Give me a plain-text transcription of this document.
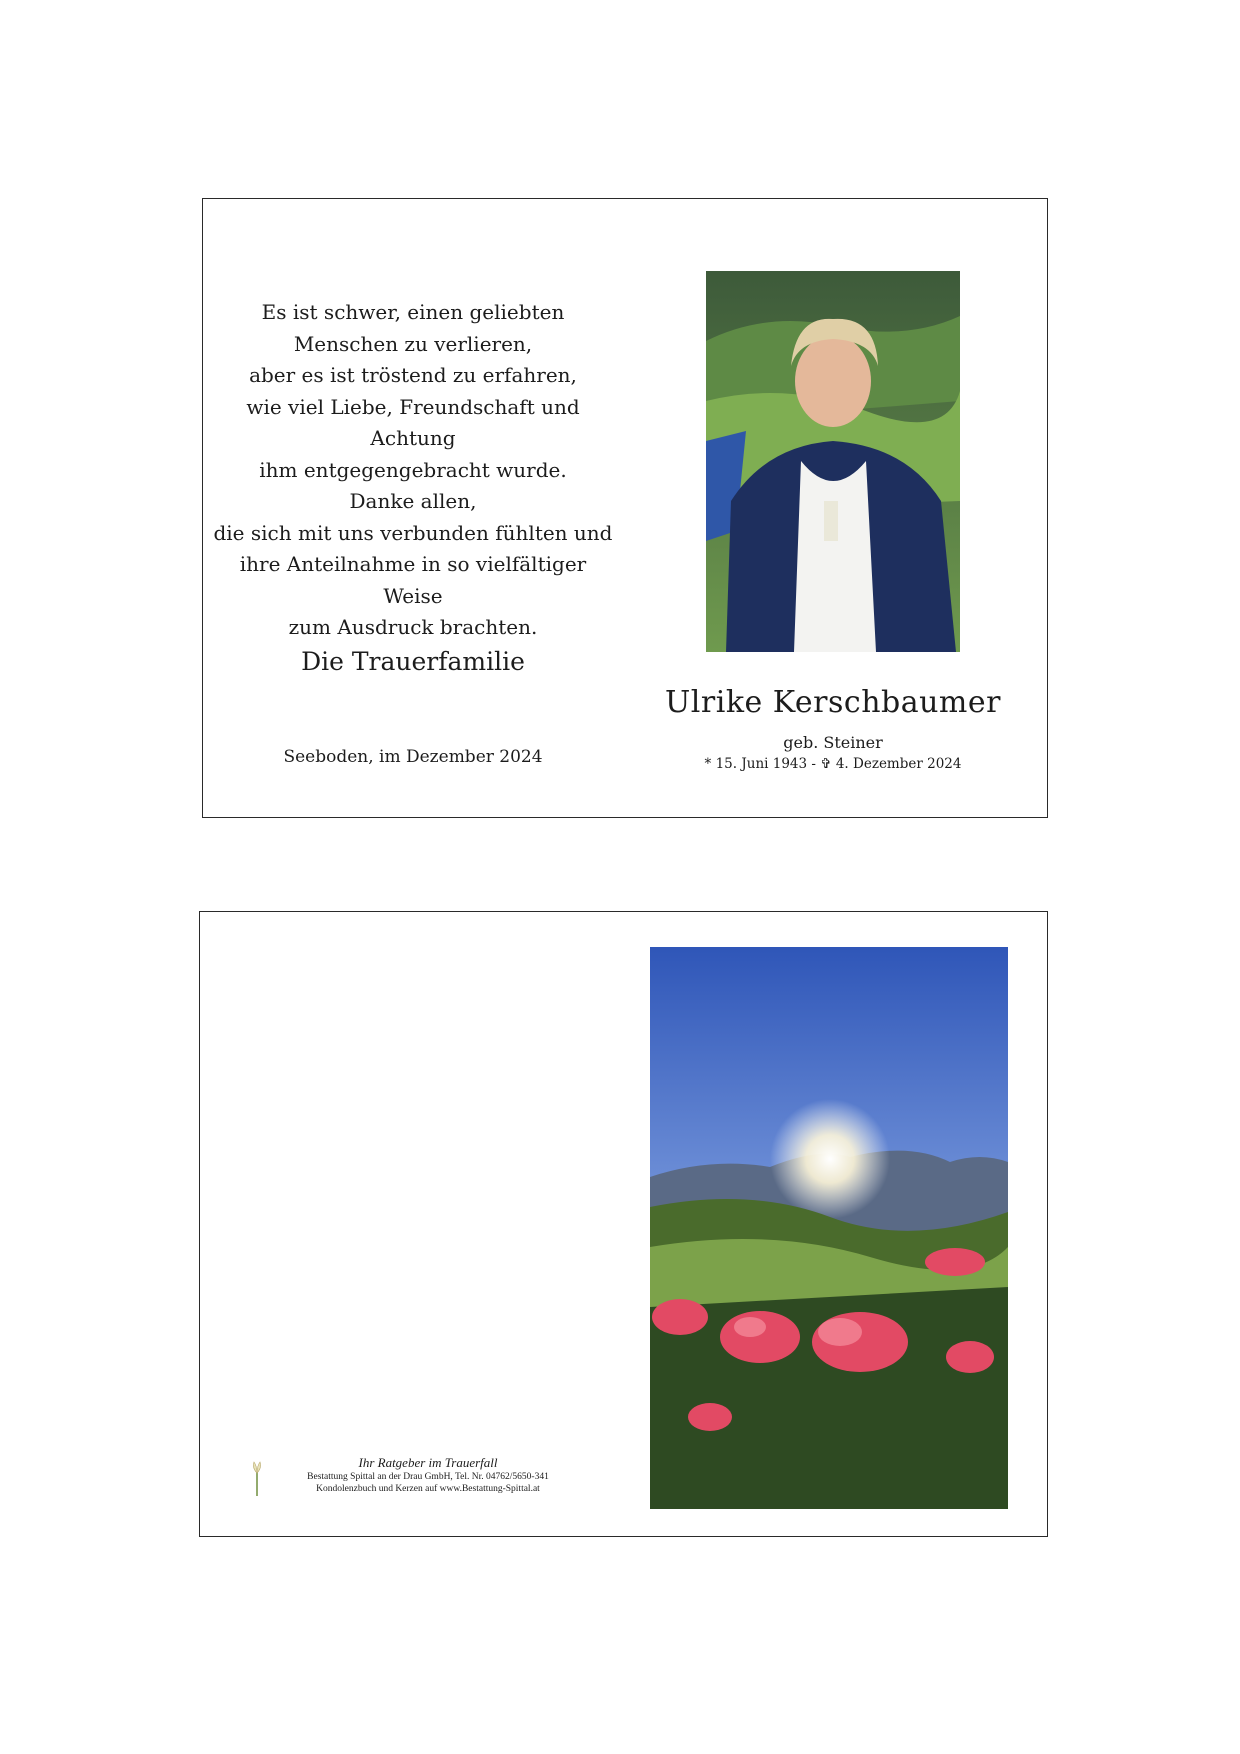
Es ist schwer, einen geliebten
Menschen zu verlieren,
aber es ist tröstend zu erfahren,
wie viel Liebe, Freundschaft und Achtung
ihm entgegengebracht wurde.
Danke allen,
die sich mit uns verbunden fühlten und
ihre Anteilnahme in so vielfältiger Weise
zum Ausdruck brachten.
Die Trauerfamilie
Seeboden, im Dezember 2024
Ulrike Kerschbaumer
geb. Steiner
* 15. Juni 1943 - ✞ 4. Dezember 2024
Ihr Ratgeber im Trauerfall
Bestattung Spittal an der Drau GmbH, Tel. Nr. 04762/5650-341
Kondolenzbuch und Kerzen auf www.Bestattung-Spittal.at
